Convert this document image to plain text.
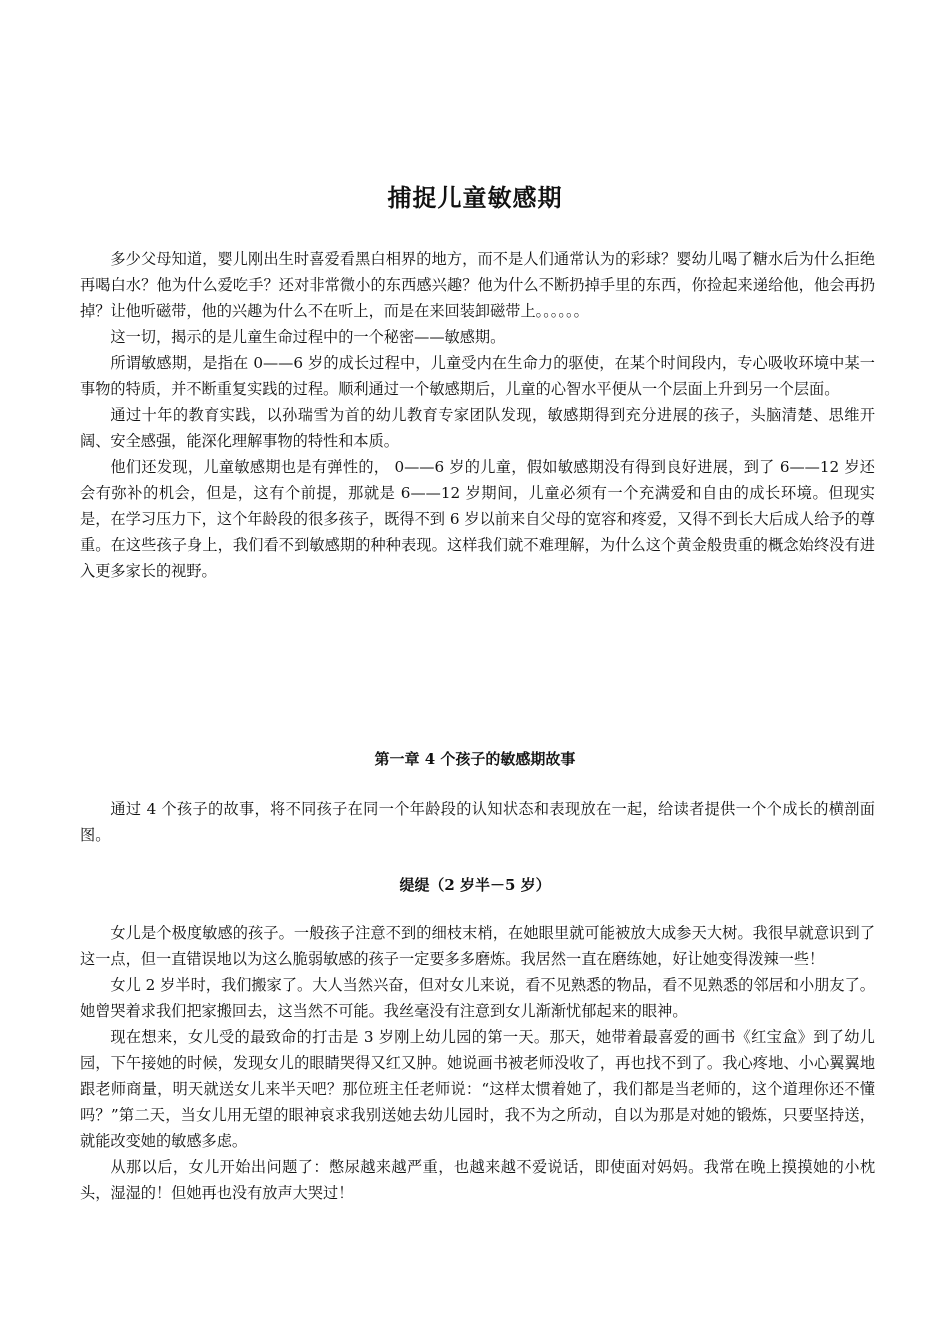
捕捉儿童敏感期

多少父母知道，婴儿刚出生时喜爱看黑白相界的地方，而不是人们通常认为的彩球？婴幼儿喝了糖水后为什么拒绝再喝白水？他为什么爱吃手？还对非常微小的东西感兴趣？他为什么不断扔掉手里的东西，你捡起来递给他，他会再扔掉？让他听磁带，他的兴趣为什么不在听上，而是在来回装卸磁带上。。。。。。

这一切，揭示的是儿童生命过程中的一个秘密——敏感期。

所谓敏感期，是指在 0——6 岁的成长过程中，儿童受内在生命力的驱使，在某个时间段内，专心吸收环境中某一事物的特质，并不断重复实践的过程。顺利通过一个敏感期后，儿童的心智水平便从一个层面上升到另一个层面。

通过十年的教育实践，以孙瑞雪为首的幼儿教育专家团队发现，敏感期得到充分进展的孩子，头脑清楚、思维开阔、安全感强，能深化理解事物的特性和本质。

他们还发现，儿童敏感期也是有弹性的， 0——6 岁的儿童，假如敏感期没有得到良好进展，到了 6——12 岁还会有弥补的机会，但是，这有个前提，那就是 6——12 岁期间，儿童必须有一个充满爱和自由的成长环境。但现实是，在学习压力下，这个年龄段的很多孩子，既得不到 6 岁以前来自父母的宽容和疼爱，又得不到长大后成人给予的尊重。在这些孩子身上，我们看不到敏感期的种种表现。这样我们就不难理解，为什么这个黄金般贵重的概念始终没有进入更多家长的视野。

第一章 4 个孩子的敏感期故事

通过 4 个孩子的故事，将不同孩子在同一个年龄段的认知状态和表现放在一起，给读者提供一个个成长的横剖面图。

缇缇（2 岁半－5 岁）

女儿是个极度敏感的孩子。一般孩子注意不到的细枝末梢，在她眼里就可能被放大成参天大树。我很早就意识到了这一点，但一直错误地以为这么脆弱敏感的孩子一定要多多磨炼。我居然一直在磨练她，好让她变得泼辣一些！

女儿 2 岁半时，我们搬家了。大人当然兴奋，但对女儿来说，看不见熟悉的物品，看不见熟悉的邻居和小朋友了。她曾哭着求我们把家搬回去，这当然不可能。我丝毫没有注意到女儿渐渐忧郁起来的眼神。

现在想来，女儿受的最致命的打击是 3 岁刚上幼儿园的第一天。那天，她带着最喜爱的画书《红宝盒》到了幼儿园，下午接她的时候，发现女儿的眼睛哭得又红又肿。她说画书被老师没收了，再也找不到了。我心疼地、小心翼翼地跟老师商量，明天就送女儿来半天吧？那位班主任老师说：“这样太惯着她了，我们都是当老师的，这个道理你还不懂吗？”第二天，当女儿用无望的眼神哀求我别送她去幼儿园时，我不为之所动，自以为那是对她的锻炼，只要坚持送，就能改变她的敏感多虑。

从那以后，女儿开始出问题了：憋尿越来越严重，也越来越不爱说话，即使面对妈妈。我常在晚上摸摸她的小枕头，湿湿的！但她再也没有放声大哭过！
